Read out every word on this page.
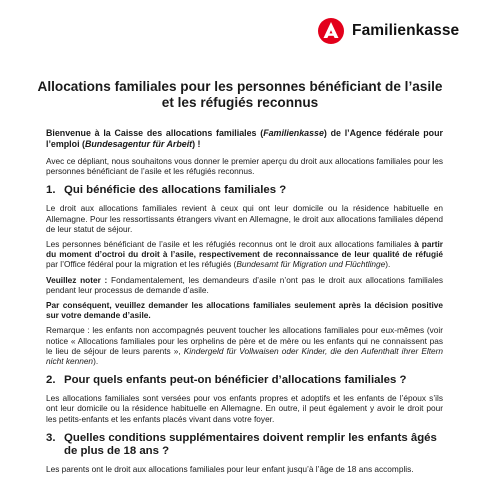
Familienkasse
Allocations familiales pour les personnes bénéficiant de l’asile
et les réfugiés reconnus

Bienvenue à la Caisse des allocations familiales (Familienkasse) de l’Agence fédérale pour l’emploi (Bundesagentur für Arbeit) !

Avec ce dépliant, nous souhaitons vous donner le premier aperçu du droit aux allocations familiales pour les personnes bénéficiant de l’asile et les réfugiés reconnus.

1. Qui bénéficie des allocations familiales ?

Le droit aux allocations familiales revient à ceux qui ont leur domicile ou la résidence habituelle en Allemagne. Pour les ressortissants étrangers vivant en Allemagne, le droit aux allocations familiales dépend de leur statut de séjour.

Les personnes bénéficiant de l’asile et les réfugiés reconnus ont le droit aux allocations familiales à partir du moment d’octroi du droit à l’asile, respectivement de reconnaissance de leur qualité de réfugié par l’Office fédéral pour la migration et les réfugiés (Bundesamt für Migration und Flüchtlinge).

Veuillez noter : Fondamentalement, les demandeurs d’asile n’ont pas le droit aux allocations familiales pendant leur processus de demande d’asile.

Par conséquent, veuillez demander les allocations familiales seulement après la décision positive sur votre demande d’asile.

Remarque : les enfants non accompagnés peuvent toucher les allocations familiales pour eux-mêmes (voir notice « Allocations familiales pour les orphelins de père et de mère ou les enfants qui ne connaissent pas le lieu de séjour de leurs parents », Kindergeld für Vollwaisen oder Kinder, die den Aufenthalt ihrer Eltern nicht kennen).

2. Pour quels enfants peut-on bénéficier d’allocations familiales ?

Les allocations familiales sont versées pour vos enfants propres et adoptifs et les enfants de l’époux s’ils ont leur domicile ou la résidence habituelle en Allemagne. En outre, il peut également y avoir le droit pour les petits-enfants et les enfants placés vivant dans votre foyer.

3. Quelles conditions supplémentaires doivent remplir les enfants âgés de plus de 18 ans ?

Les parents ont le droit aux allocations familiales pour leur enfant jusqu’à l’âge de 18 ans accomplis.
